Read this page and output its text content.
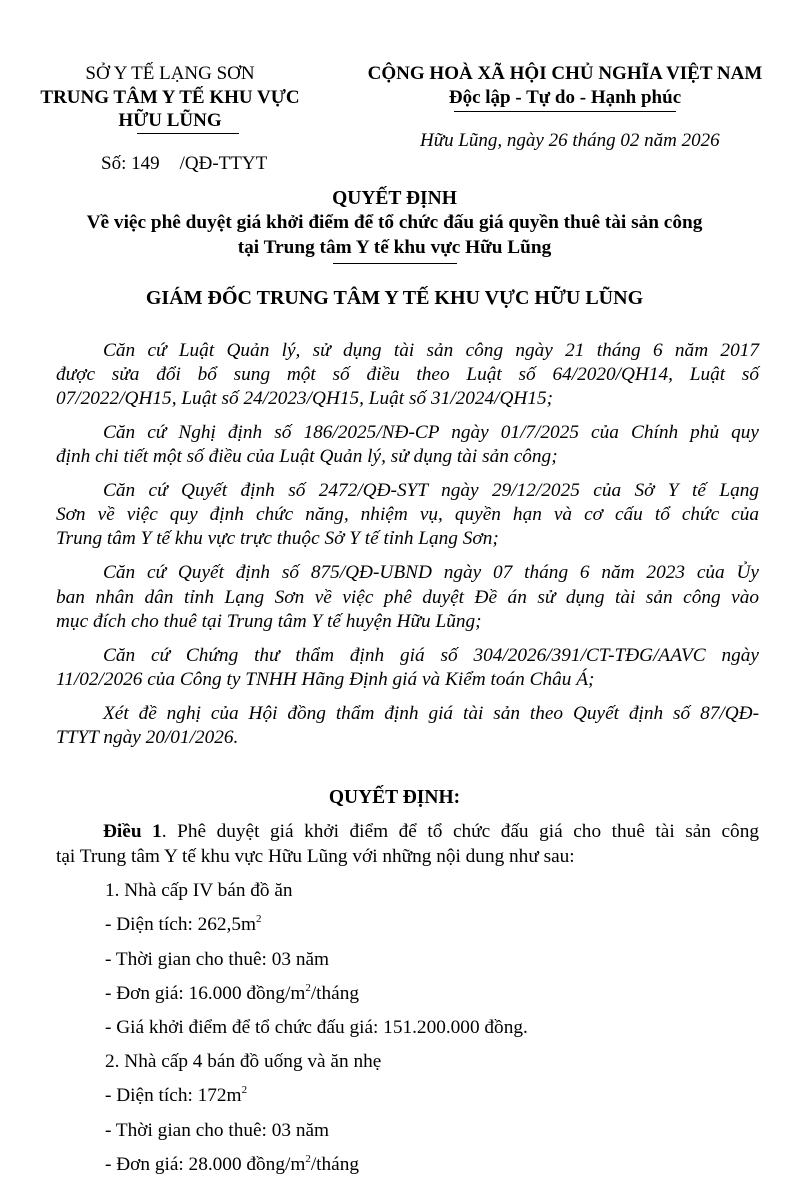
SỞ Y TẾ LẠNG SƠN
TRUNG TÂM Y TẾ KHU VỰC
HỮU LŨNG
Số: 149 /QĐ-TTYT
CỘNG HOÀ XÃ HỘI CHỦ NGHĨA VIỆT NAM
Độc lập - Tự do - Hạnh phúc
Hữu Lũng, ngày 26 tháng 02 năm 2026
QUYẾT ĐỊNH
Về việc phê duyệt giá khởi điểm để tổ chức đấu giá quyền thuê tài sản công
tại Trung tâm Y tế khu vực Hữu Lũng
GIÁM ĐỐC TRUNG TÂM Y TẾ KHU VỰC HỮU LŨNG
Căn cứ Luật Quản lý, sử dụng tài sản công ngày 21 tháng 6 năm 2017
được sửa đổi bổ sung một số điều theo Luật số 64/2020/QH14, Luật số
07/2022/QH15, Luật số 24/2023/QH15, Luật số 31/2024/QH15;
Căn cứ Nghị định số 186/2025/NĐ-CP ngày 01/7/2025 của Chính phủ quy
định chi tiết một số điều của Luật Quản lý, sử dụng tài sản công;
Căn cứ Quyết định số 2472/QĐ-SYT ngày 29/12/2025 của Sở Y tế Lạng
Sơn về việc quy định chức năng, nhiệm vụ, quyền hạn và cơ cấu tổ chức của
Trung tâm Y tế khu vực trực thuộc Sở Y tế tỉnh Lạng Sơn;
Căn cứ Quyết định số 875/QĐ-UBND ngày 07 tháng 6 năm 2023 của Ủy
ban nhân dân tỉnh Lạng Sơn về việc phê duyệt Đề án sử dụng tài sản công vào
mục đích cho thuê tại Trung tâm Y tế huyện Hữu Lũng;
Căn cứ Chứng thư thẩm định giá số 304/2026/391/CT-TĐG/AAVC ngày
11/02/2026 của Công ty TNHH Hãng Định giá và Kiểm toán Châu Á;
Xét đề nghị của Hội đồng thẩm định giá tài sản theo Quyết định số 87/QĐ-
TTYT ngày 20/01/2026.
QUYẾT ĐỊNH:
Điều 1. Phê duyệt giá khởi điểm để tổ chức đấu giá cho thuê tài sản công
tại Trung tâm Y tế khu vực Hữu Lũng với những nội dung như sau:
1. Nhà cấp IV bán đồ ăn
- Diện tích: $262,5m^2$
- Thời gian cho thuê: 03 năm
- Đơn giá: 16.000 đồng/$m^2$/tháng
- Giá khởi điểm để tổ chức đấu giá: 151.200.000 đồng.
2. Nhà cấp 4 bán đồ uống và ăn nhẹ
- Diện tích: $172m^2$
- Thời gian cho thuê: 03 năm
- Đơn giá: 28.000 đồng/$m^2$/tháng
